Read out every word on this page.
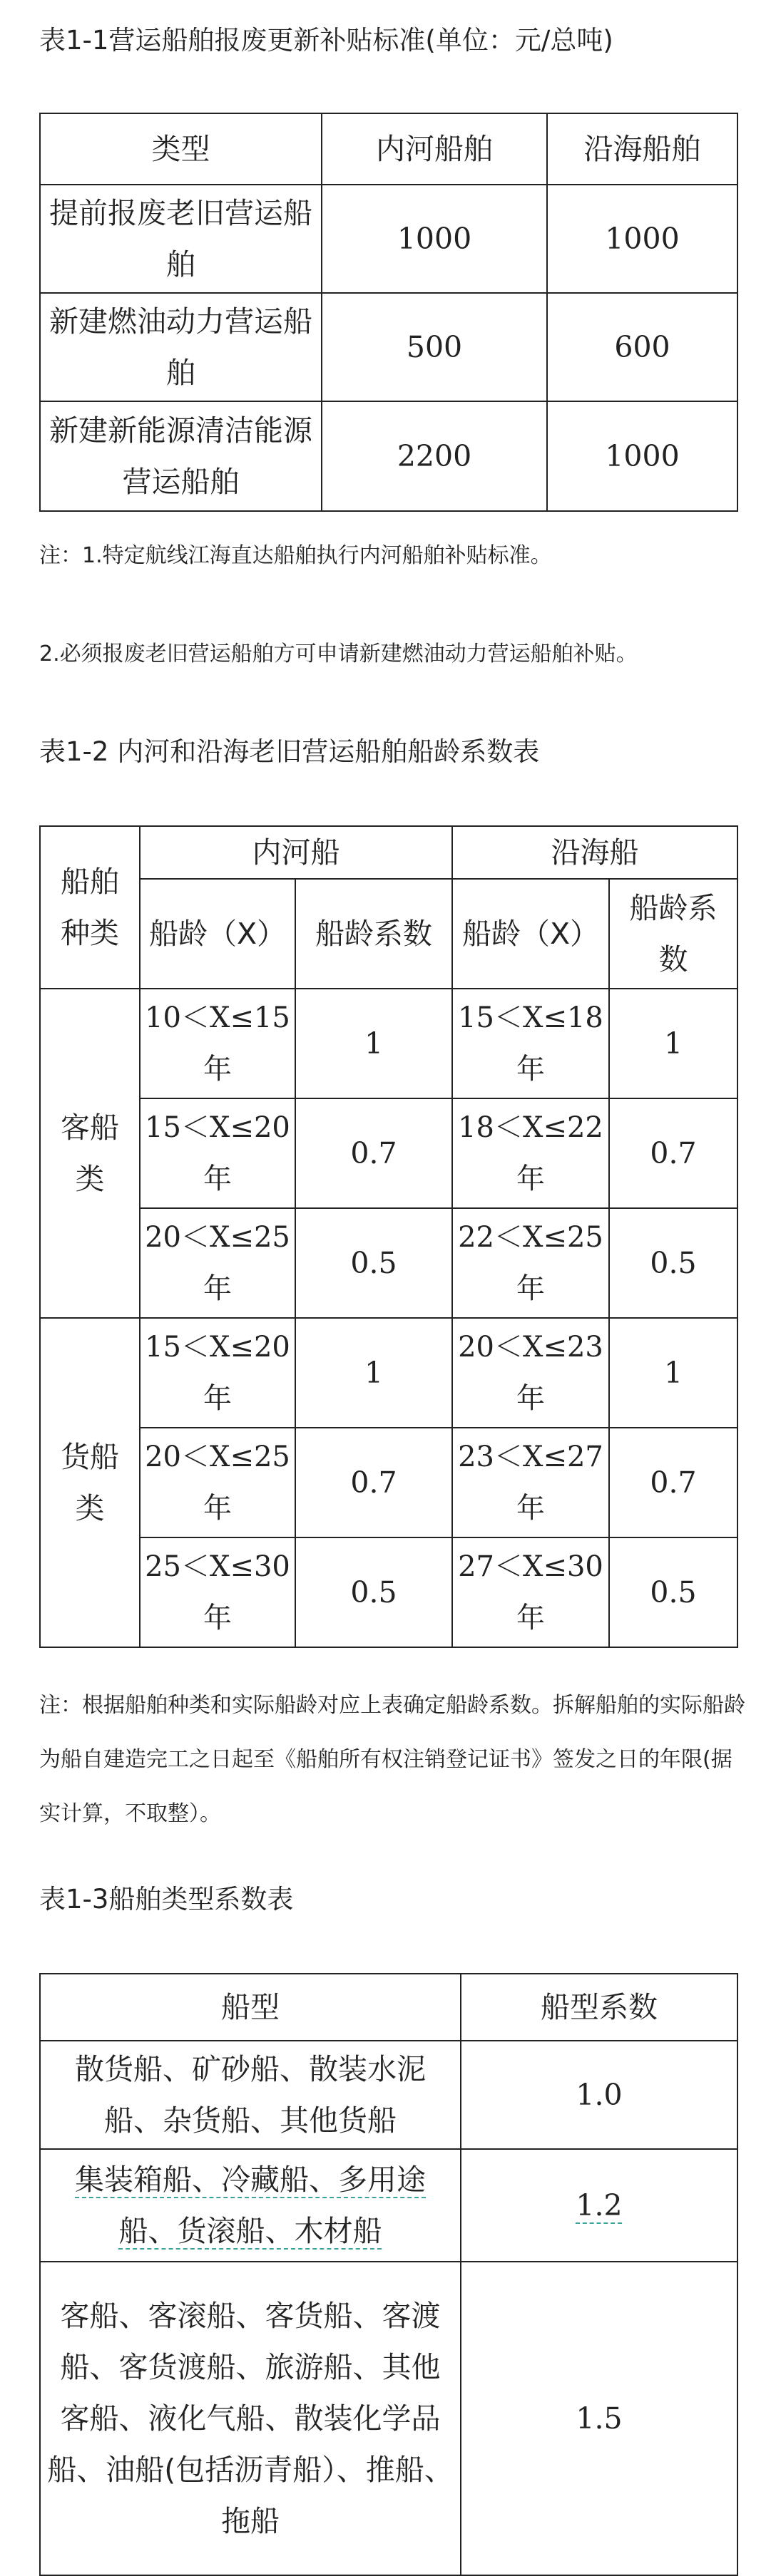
表1-1营运船舶报废更新补贴标准(单位：元/总吨)
类型	内河船舶	沿海船舶
提前报废老旧营运船舶	1000	1000
新建燃油动力营运船舶	500	600
新建新能源清洁能源营运船舶	2200	1000
注：1.特定航线江海直达船舶执行内河船舶补贴标准。
2.必须报废老旧营运船舶方可申请新建燃油动力营运船舶补贴。
表1-2 内河和沿海老旧营运船舶船龄系数表
船舶种类	内河船		沿海船	
	船龄（X）	船龄系数	船龄（X）	船龄系数
客船类	10＜X≤15年	1	15＜X≤18年	1
	15＜X≤20年	0.7	18＜X≤22年	0.7
	20＜X≤25年	0.5	22＜X≤25年	0.5
货船类	15＜X≤20年	1	20＜X≤23年	1
	20＜X≤25年	0.7	23＜X≤27年	0.7
	25＜X≤30年	0.5	27＜X≤30年	0.5
注：根据船舶种类和实际船龄对应上表确定船龄系数。拆解船舶的实际船龄为船自建造完工之日起至《船舶所有权注销登记证书》签发之日的年限(据实计算，不取整）。
表1-3船舶类型系数表
船型	船型系数
散货船、矿砂船、散装水泥船、杂货船、其他货船	1.0
集装箱船、冷藏船、多用途船、货滚船、木材船	1.2
客船、客滚船、客货船、客渡船、客货渡船、旅游船、其他客船、液化气船、散装化学品船、油船(包括沥青船）、推船、拖船	1.5
